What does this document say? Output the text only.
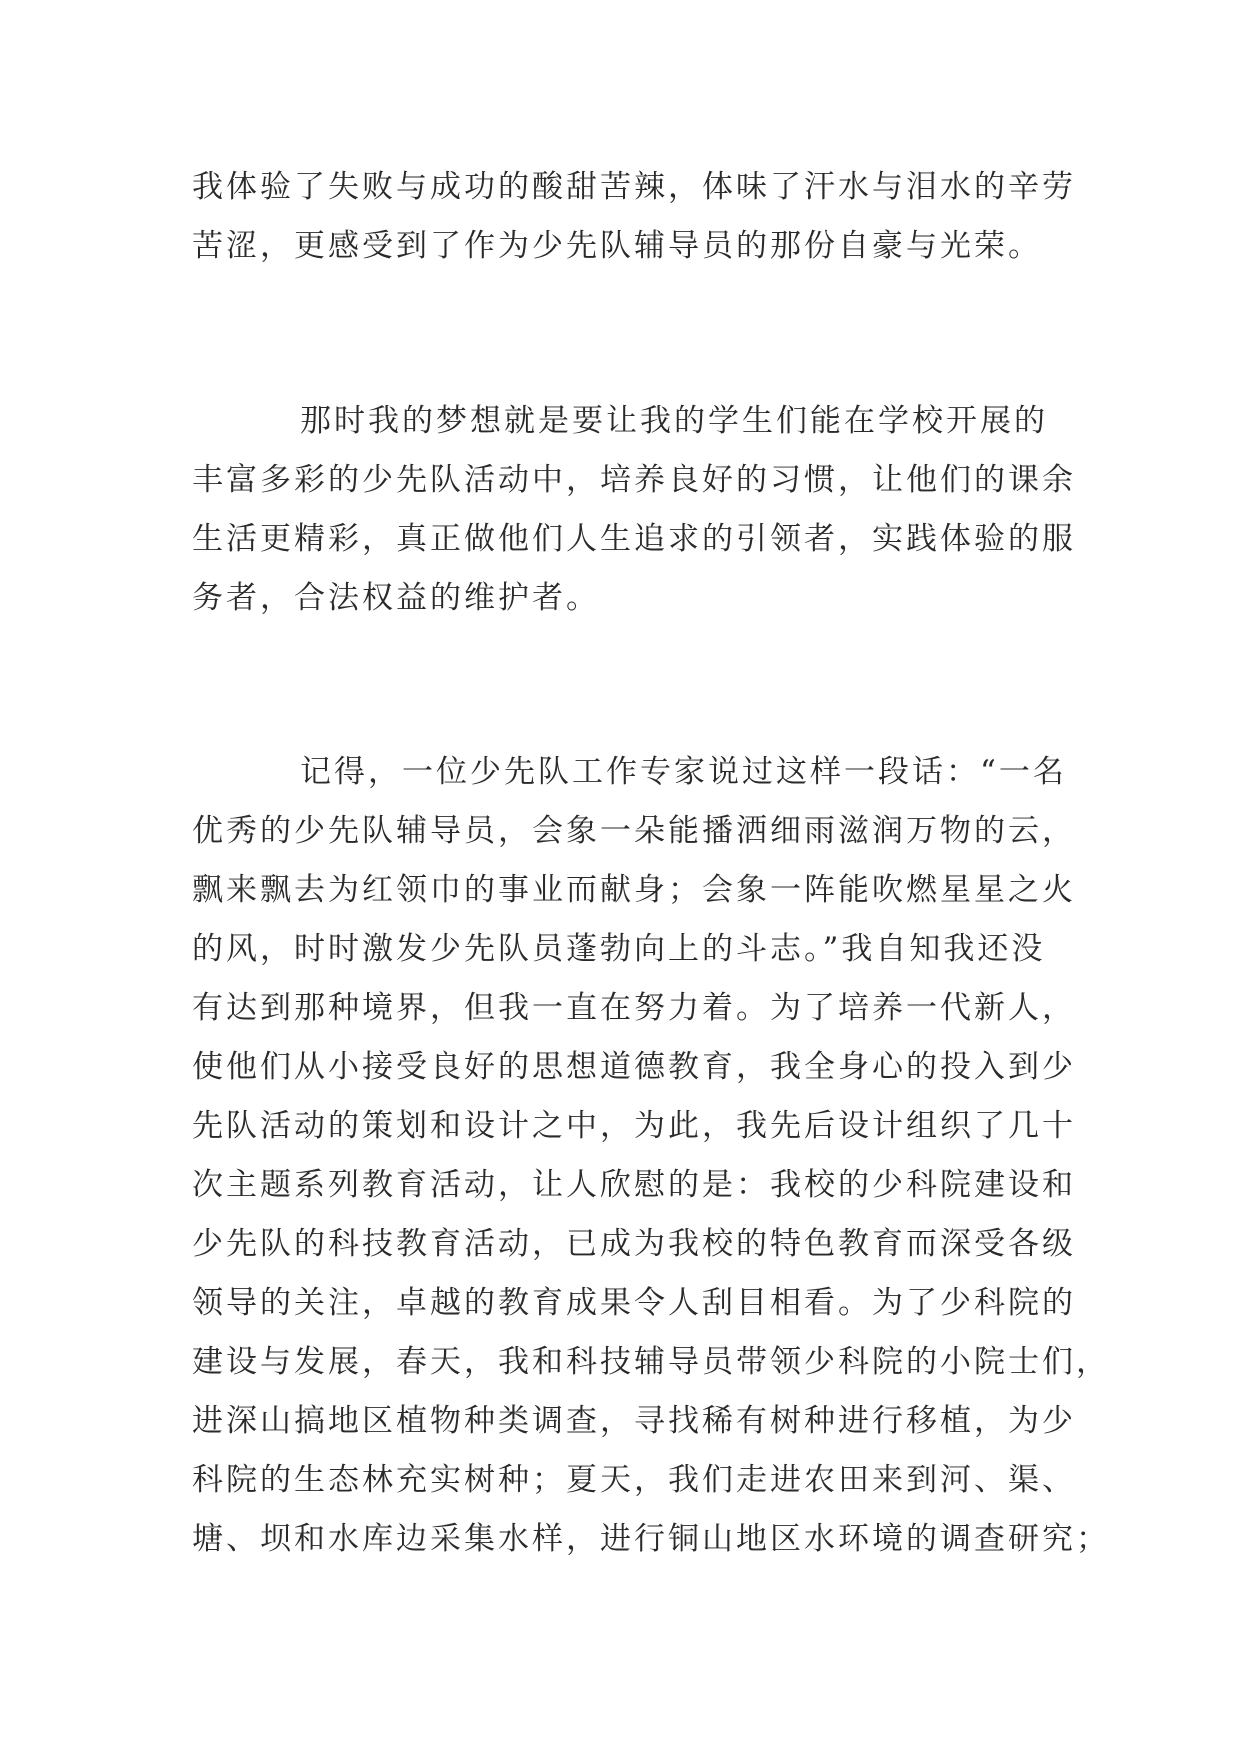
我体验了失败与成功的酸甜苦辣，体味了汗水与泪水的辛劳
苦涩，更感受到了作为少先队辅导员的那份自豪与光荣。
那时我的梦想就是要让我的学生们能在学校开展的
丰富多彩的少先队活动中，培养良好的习惯，让他们的课余
生活更精彩，真正做他们人生追求的引领者，实践体验的服
务者，合法权益的维护者。
记得，一位少先队工作专家说过这样一段话：“一名
优秀的少先队辅导员，会象一朵能播洒细雨滋润万物的云，
飘来飘去为红领巾的事业而献身；会象一阵能吹燃星星之火
的风，时时激发少先队员蓬勃向上的斗志。”我自知我还没
有达到那种境界，但我一直在努力着。为了培养一代新人，
使他们从小接受良好的思想道德教育，我全身心的投入到少
先队活动的策划和设计之中，为此，我先后设计组织了几十
次主题系列教育活动，让人欣慰的是：我校的少科院建设和
少先队的科技教育活动，已成为我校的特色教育而深受各级
领导的关注，卓越的教育成果令人刮目相看。为了少科院的
建设与发展，春天，我和科技辅导员带领少科院的小院士们，
进深山搞地区植物种类调查，寻找稀有树种进行移植，为少
科院的生态林充实树种；夏天，我们走进农田来到河、渠、
塘、坝和水库边采集水样，进行铜山地区水环境的调查研究；
